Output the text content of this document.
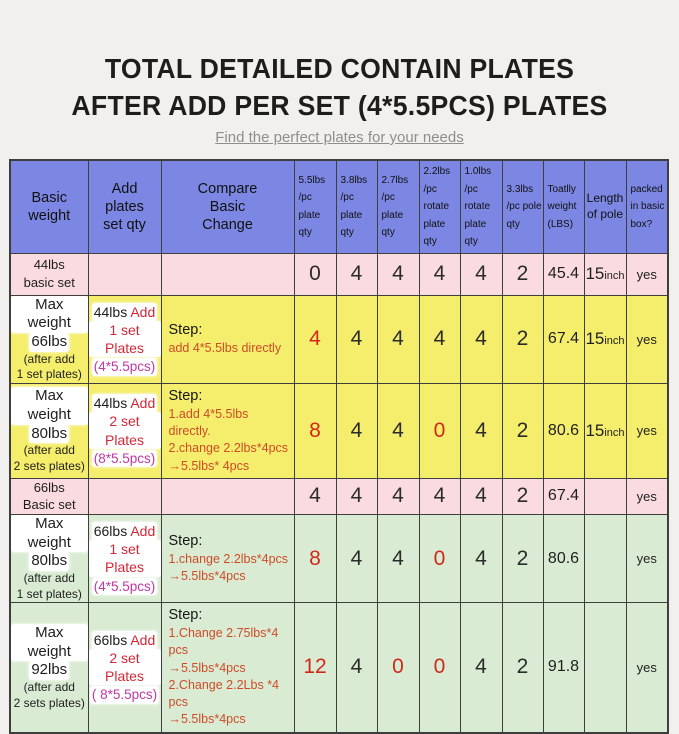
TOTAL DETAILED CONTAIN PLATES
AFTER ADD PER SET (4*5.5PCS) PLATES
Find the perfect plates for your needs
Basic
weight

Add
plates
set qty

Compare
Basic
Change

5.5lbs
/pc plate
qty

3.8lbs
/pc plate
qty

2.7lbs
/pc plate
qty

2.2lbs
/pc rotate
plate qty

1.0lbs
/pc rotate
plate qty

3.3lbs
/pc pole
qty

Toatlly
weight
(LBS)

Length
of pole

packed
in basic
box?

44lbs
basic set			0	4	4	4	4	2	45.4	15inch	yes

Max weight
66lbs
(after add
1 set plates)

44lbs Add
1 set Plates
(4*5.5pcs)

Step:
add 4*5.5lbs directly	4	4	4	4	4	2	67.4	15inch	yes

Max weight
80lbs
(after add
2 sets plates)

44lbs Add
2 set Plates
(8*5.5pcs)

Step:
1.add 4*5.5lbs directly.
2.change 2.2lbs*4pcs
→5.5lbs* 4pcs
	8	4	4	0	4	2	80.6	15inch	yes

66lbs
Basic set			4	4	4	4	4	2	67.4		yes

Max weight
80lbs
(after add
1 set plates)

66lbs Add
1 set Plates
(4*5.5pcs)

Step:
1.change 2.2lbs*4pcs
→5.5lbs*4pcs
	8	4	4	0	4	2	80.6		yes

Max weight
92lbs
(after add
2 sets plates)

66lbs Add
2 set Plates
( 8*5.5pcs)

Step:
1.Change 2.75lbs*4 pcs
→5.5lbs*4pcs
2.Change 2.2Lbs *4 pcs
→5.5lbs*4pcs
	12	4	0	0	4	2	91.8		yes
